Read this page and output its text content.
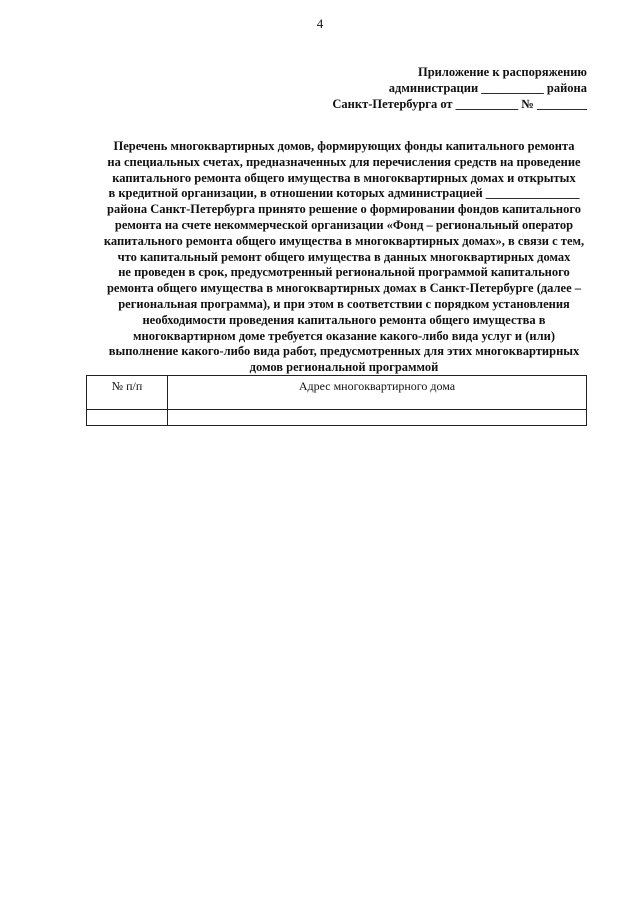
4
Приложение к распоряжению
администрации __________ района
Санкт-Петербурга от __________ № ________
Перечень многоквартирных домов, формирующих фонды капитального ремонта
на специальных счетах, предназначенных для перечисления средств на проведение
капитального ремонта общего имущества в многоквартирных домах и открытых
в кредитной организации, в отношении которых администрацией _______________
района Санкт-Петербурга принято решение о формировании фондов капитального
ремонта на счете некоммерческой организации «Фонд – региональный оператор
капитального ремонта общего имущества в многоквартирных домах», в связи с тем,
что капитальный ремонт общего имущества в данных многоквартирных домах
не проведен в срок, предусмотренный региональной программой капитального
ремонта общего имущества в многоквартирных домах в Санкт-Петербурге (далее –
региональная программа), и при этом в соответствии с порядком установления
необходимости проведения капитального ремонта общего имущества в
многоквартирном доме требуется оказание какого-либо вида услуг и (или)
выполнение какого-либо вида работ, предусмотренных для этих многоквартирных
домов региональной программой
№ п/п	Адрес многоквартирного дома
